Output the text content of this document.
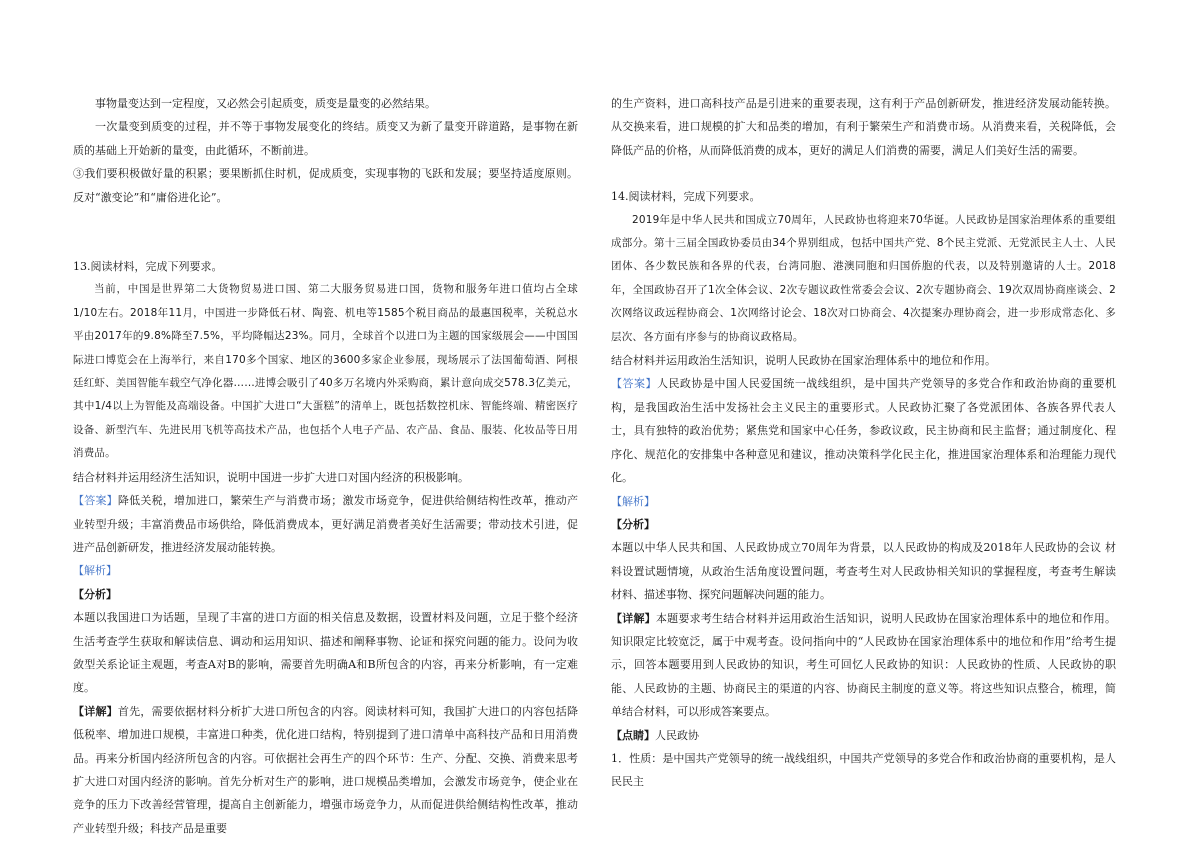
事物量变达到一定程度，又必然会引起质变，质变是量变的必然结果。

一次量变到质变的过程，并不等于事物发展变化的终结。质变又为新了量变开辟道路，是事物在新质的基础上开始新的量变，由此循环，不断前进。

③我们要积极做好量的积累；要果断抓住时机，促成质变，实现事物的飞跃和发展；要坚持适度原则。反对“激变论”和“庸俗进化论”。

13.阅读材料，完成下列要求。

当前，中国是世界第二大货物贸易进口国、第二大服务贸易进口国，货物和服务年进口值均占全球1/10左右。2018年11月，中国进一步降低石材、陶瓷、机电等1585个税目商品的最惠国税率，关税总水平由2017年的9.8%降至7.5%，平均降幅达23%。同月，全球首个以进口为主题的国家级展会——中国国际进口博览会在上海举行，来自170多个国家、地区的3600多家企业参展，现场展示了法国葡萄酒、阿根廷红虾、美国智能车载空气净化器……进博会吸引了40多万名境内外采购商，累计意向成交578.3亿美元，其中1/4以上为智能及高端设备。中国扩大进口“大蛋糕”的清单上，既包括数控机床、智能终端、精密医疗设备、新型汽车、先进民用飞机等高技术产品，也包括个人电子产品、农产品、食品、服装、化妆品等日用消费品。

结合材料并运用经济生活知识，说明中国进一步扩大进口对国内经济的积极影响。

【答案】降低关税，增加进口，繁荣生产与消费市场；激发市场竞争，促进供给侧结构性改革，推动产业转型升级；丰富消费品市场供给，降低消费成本，更好满足消费者美好生活需要；带动技术引进，促进产品创新研发，推进经济发展动能转换。

【解析】

【分析】

本题以我国进口为话题，呈现了丰富的进口方面的相关信息及数据，设置材料及问题，立足于整个经济生活考查学生获取和解读信息、调动和运用知识、描述和阐释事物、论证和探究问题的能力。设问为收敛型关系论证主观题，考查A对B的影响，需要首先明确A和B所包含的内容，再来分析影响，有一定难度。

【详解】首先，需要依据材料分析扩大进口所包含的内容。阅读材料可知，我国扩大进口的内容包括降低税率、增加进口规模，丰富进口种类，优化进口结构，特别提到了进口清单中高科技产品和日用消费品。再来分析国内经济所包含的内容。可依据社会再生产的四个环节：生产、分配、交换、消费来思考扩大进口对国内经济的影响。首先分析对生产的影响，进口规模品类增加，会激发市场竞争，使企业在竞争的压力下改善经营管理，提高自主创新能力，增强市场竞争力，从而促进供给侧结构性改革，推动产业转型升级；科技产品是重要

的生产资料，进口高科技产品是引进来的重要表现，这有利于产品创新研发，推进经济发展动能转换。从交换来看，进口规模的扩大和品类的增加，有利于繁荣生产和消费市场。从消费来看，关税降低，会降低产品的价格，从而降低消费的成本，更好的满足人们消费的需要，满足人们美好生活的需要。

14.阅读材料，完成下列要求。

2019年是中华人民共和国成立70周年，人民政协也将迎来70华诞。人民政协是国家治理体系的重要组成部分。第十三届全国政协委员由34个界别组成，包括中国共产党、8个民主党派、无党派民主人士、人民团体、各少数民族和各界的代表，台湾同胞、港澳同胞和归国侨胞的代表，以及特别邀请的人士。2018年，全国政协召开了1次全体会议、2次专题议政性常委会会议、2次专题协商会、19次双周协商座谈会、2次网络议政远程协商会、1次网络讨论会、18次对口协商会、4次提案办理协商会，进一步形成常态化、多层次、各方面有序参与的协商议政格局。

结合材料并运用政治生活知识，说明人民政协在国家治理体系中的地位和作用。

【答案】人民政协是中国人民爱国统一战线组织，是中国共产党领导的多党合作和政治协商的重要机构，是我国政治生活中发扬社会主义民主的重要形式。人民政协汇聚了各党派团体、各族各界代表人士，具有独特的政治优势；紧焦党和国家中心任务，参政议政，民主协商和民主监督；通过制度化、程序化、规范化的安排集中各种意见和建议，推动决策科学化民主化，推进国家治理体系和治理能力现代化。

【解析】

【分析】

本题以中华人民共和国、人民政协成立70周年为背景，以人民政协的构成及2018年人民政协的会议 材料设置试题情境，从政治生活角度设置问题，考查考生对人民政协相关知识的掌握程度，考查考生解读材料、描述事物、探究问题解决问题的能力。

【详解】本题要求考生结合材料并运用政治生活知识，说明人民政协在国家治理体系中的地位和作用。知识限定比较宽泛，属于中观考查。设问指向中的“人民政协在国家治理体系中的地位和作用”给考生提示，回答本题要用到人民政协的知识，考生可回忆人民政协的知识：人民政协的性质、人民政协的职能、人民政协的主题、协商民主的渠道的内容、协商民主制度的意义等。将这些知识点整合，梳理，简单结合材料，可以形成答案要点。

【点睛】人民政协

1．性质：是中国共产党领导的统一战线组织，中国共产党领导的多党合作和政治协商的重要机构，是人民民主
